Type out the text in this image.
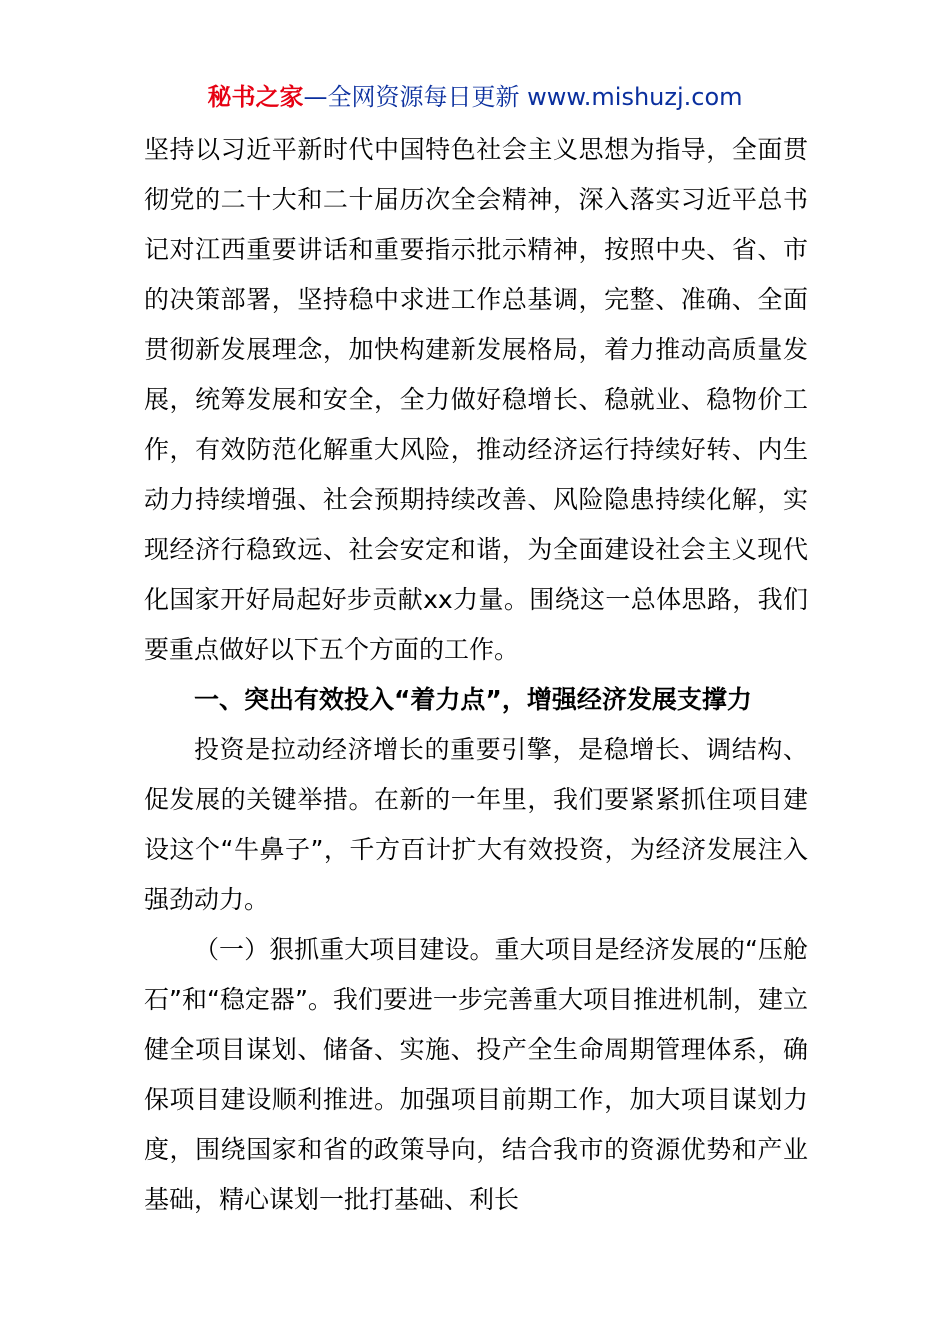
秘书之家—全网资源每日更新 www.mishuzj.com

坚持以习近平新时代中国特色社会主义思想为指导，全面贯彻党的二十大和二十届历次全会精神，深入落实习近平总书记对江西重要讲话和重要指示批示精神，按照中央、省、市的决策部署，坚持稳中求进工作总基调，完整、准确、全面贯彻新发展理念，加快构建新发展格局，着力推动高质量发展，统筹发展和安全，全力做好稳增长、稳就业、稳物价工作，有效防范化解重大风险，推动经济运行持续好转、内生动力持续增强、社会预期持续改善、风险隐患持续化解，实现经济行稳致远、社会安定和谐，为全面建设社会主义现代化国家开好局起好步贡献xx力量。围绕这一总体思路，我们要重点做好以下五个方面的工作。

一、突出有效投入“着力点”，增强经济发展支撑力

投资是拉动经济增长的重要引擎，是稳增长、调结构、促发展的关键举措。在新的一年里，我们要紧紧抓住项目建设这个“牛鼻子”，千方百计扩大有效投资，为经济发展注入强劲动力。

（一）狠抓重大项目建设。重大项目是经济发展的“压舱石”和“稳定器”。我们要进一步完善重大项目推进机制，建立健全项目谋划、储备、实施、投产全生命周期管理体系，确保项目建设顺利推进。加强项目前期工作，加大项目谋划力度，围绕国家和省的政策导向，结合我市的资源优势和产业基础，精心谋划一批打基础、利长
